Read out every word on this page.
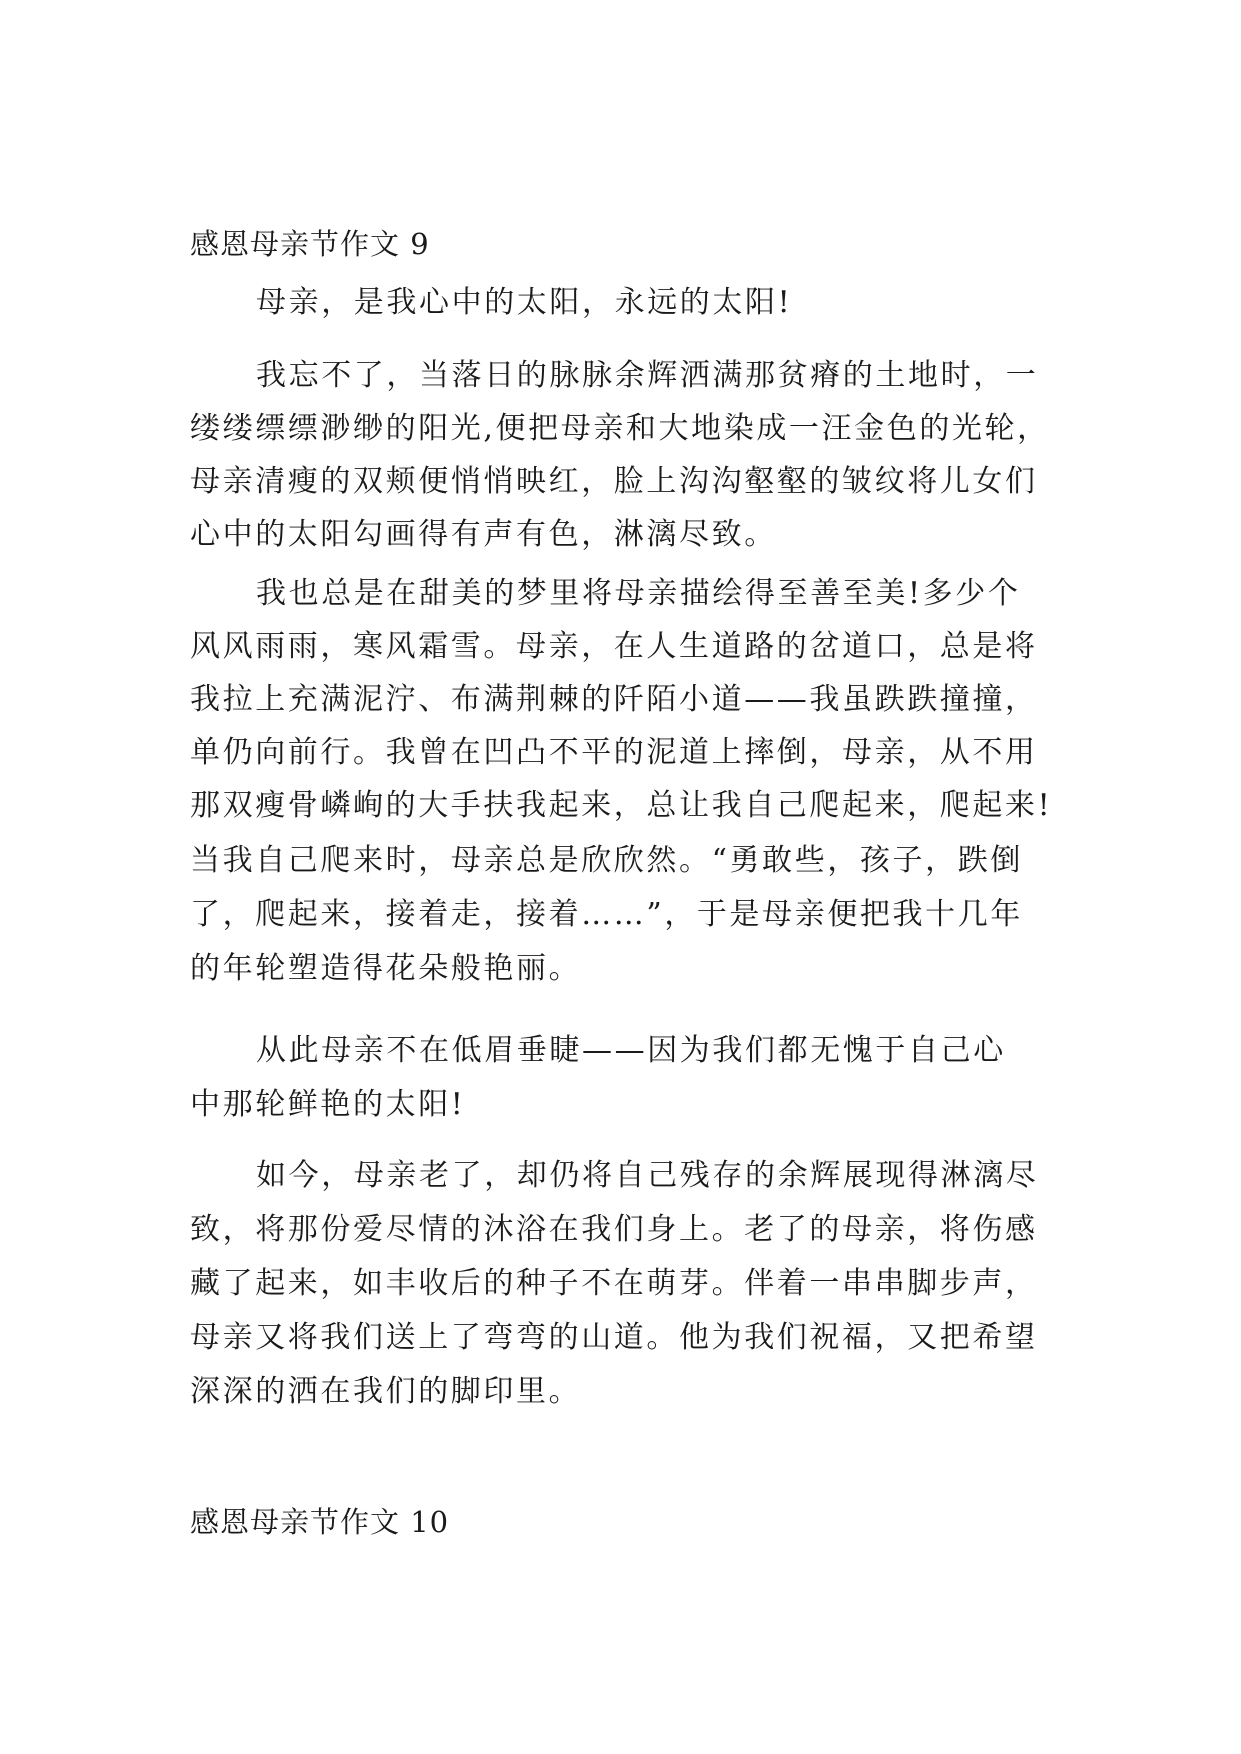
感恩母亲节作文 9
母亲，是我心中的太阳，永远的太阳!
我忘不了，当落日的脉脉余辉洒满那贫瘠的土地时，一
缕缕缥缥渺缈的阳光,便把母亲和大地染成一汪金色的光轮，
母亲清瘦的双颊便悄悄映红，脸上沟沟壑壑的皱纹将儿女们
心中的太阳勾画得有声有色，淋漓尽致。
我也总是在甜美的梦里将母亲描绘得至善至美!多少个
风风雨雨，寒风霜雪。母亲，在人生道路的岔道口，总是将
我拉上充满泥泞、布满荆棘的阡陌小道——我虽跌跌撞撞，
单仍向前行。我曾在凹凸不平的泥道上摔倒，母亲，从不用
那双瘦骨嶙峋的大手扶我起来，总让我自己爬起来，爬起来!
当我自己爬来时，母亲总是欣欣然。“勇敢些，孩子，跌倒
了，爬起来，接着走，接着……”，于是母亲便把我十几年
的年轮塑造得花朵般艳丽。
从此母亲不在低眉垂睫——因为我们都无愧于自己心
中那轮鲜艳的太阳!
如今，母亲老了，却仍将自己残存的余辉展现得淋漓尽
致，将那份爱尽情的沐浴在我们身上。老了的母亲，将伤感
藏了起来，如丰收后的种子不在萌芽。伴着一串串脚步声，
母亲又将我们送上了弯弯的山道。他为我们祝福，又把希望
深深的洒在我们的脚印里。
感恩母亲节作文 10
